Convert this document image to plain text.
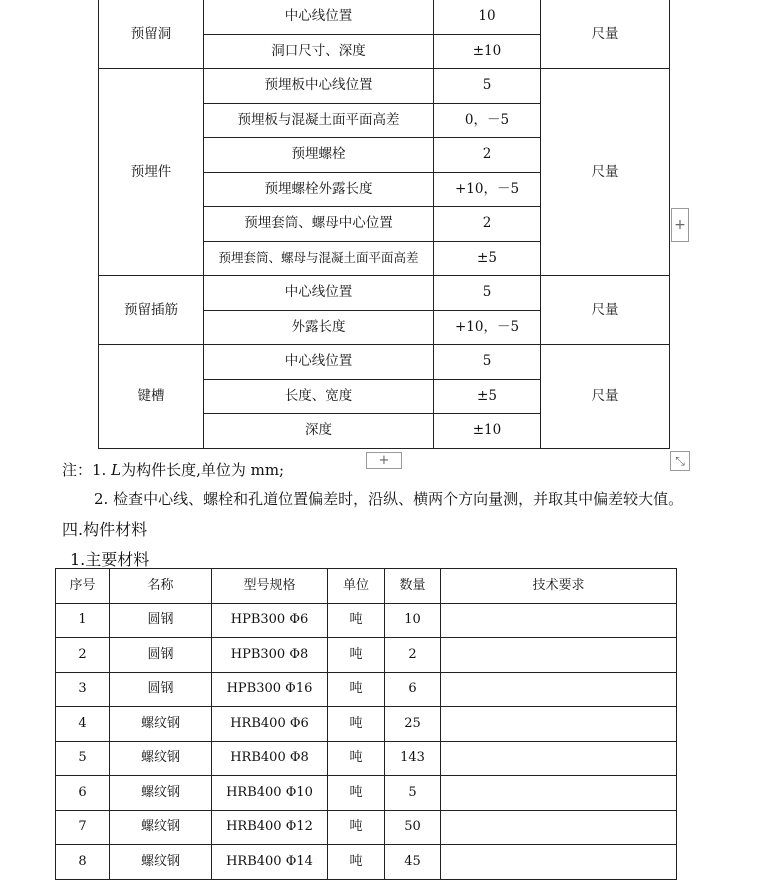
预留洞	中心线位置	10	尺量
	洞口尺寸、深度	±10	
预埋件	预埋板中心线位置	5	尺量
	预埋板与混凝土面平面高差	0，－5	
	预埋螺栓	2	
	预埋螺栓外露长度	+10，－5	
	预埋套筒、螺母中心位置	2	
	预埋套筒、螺母与混凝土面平面高差	±5	
预留插筋	中心线位置	5	尺量
	外露长度	+10，－5	
键槽	中心线位置	5	尺量
	长度、宽度	±5	
	深度	±10	
+
+	⤡
注：1. L为构件长度,单位为 mm;
2. 检查中心线、螺栓和孔道位置偏差时，沿纵、横两个方向量测，并取其中偏差较大值。
四.构件材料
1.主要材料
序号	名称	型号规格	单位	数量	技术要求
1	圆钢	HPB300 Φ6	吨	10	
2	圆钢	HPB300 Φ8	吨	2	
3	圆钢	HPB300 Φ16	吨	6	
4	螺纹钢	HRB400 Φ6	吨	25	
5	螺纹钢	HRB400 Φ8	吨	143	
6	螺纹钢	HRB400 Φ10	吨	5	
7	螺纹钢	HRB400 Φ12	吨	50	
8	螺纹钢	HRB400 Φ14	吨	45	
